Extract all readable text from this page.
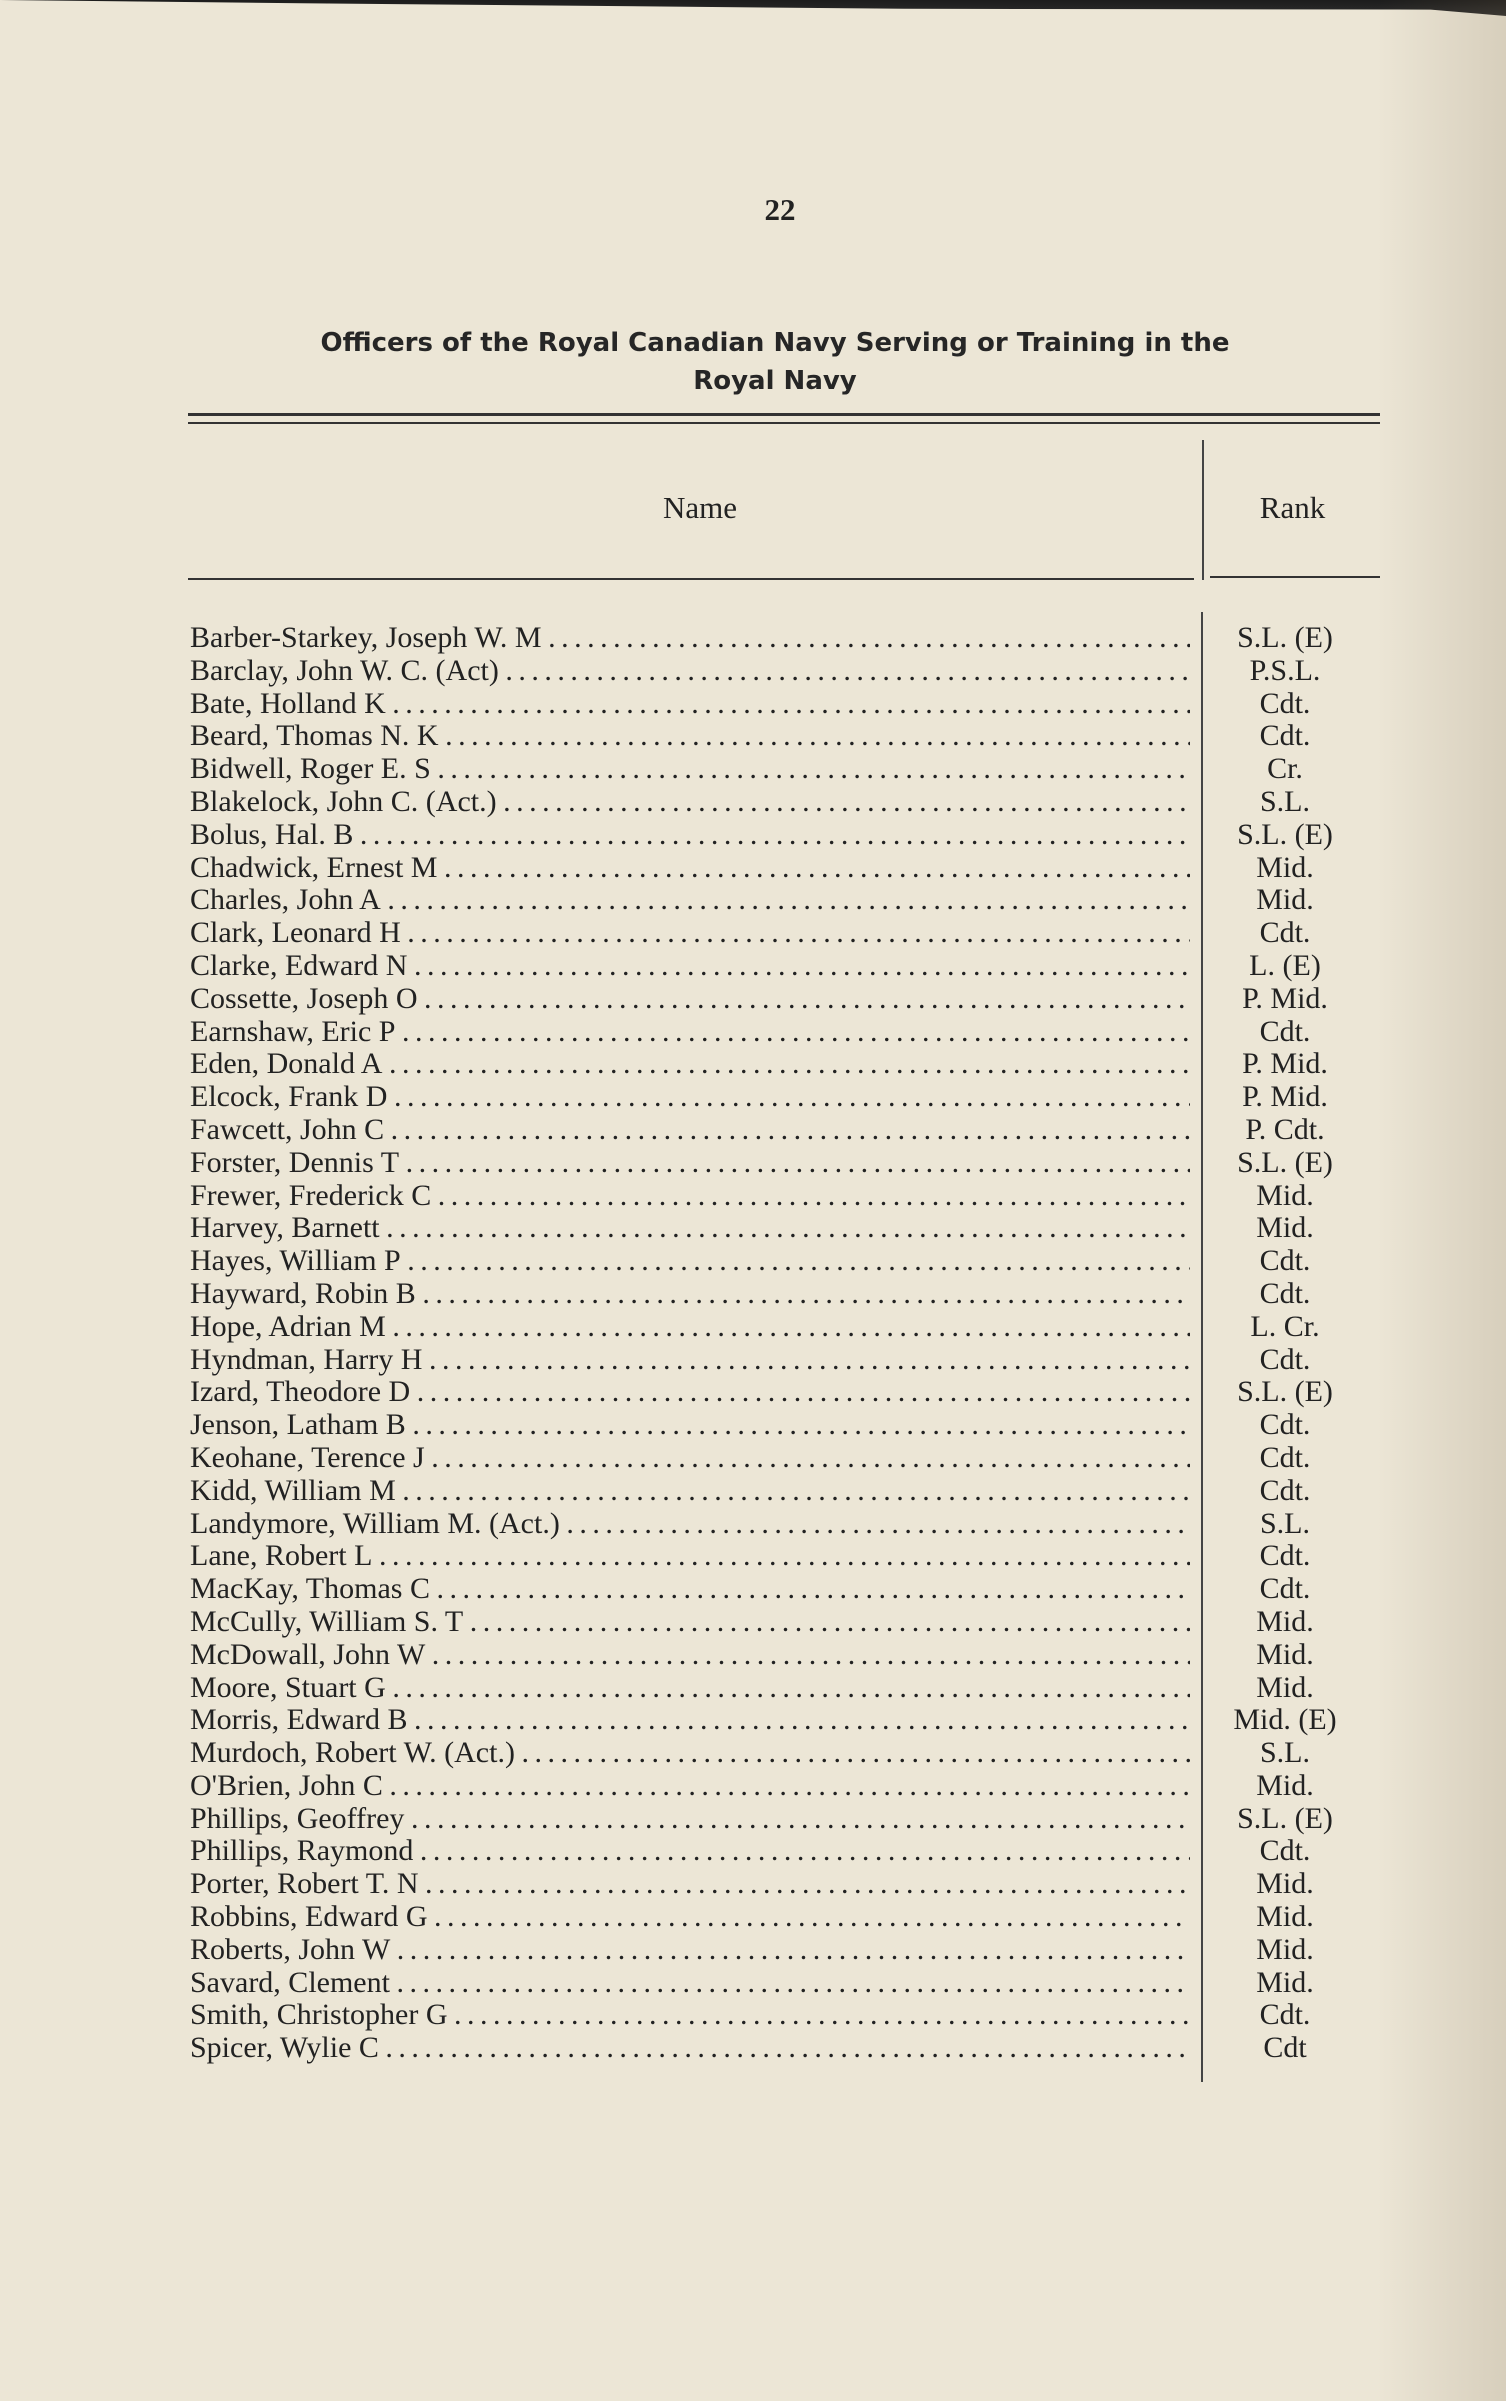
22
Officers of the Royal Canadian Navy Serving or Training in the
Royal Navy
Name	Rank
Barber-Starkey, Joseph W. M . . .	S.L. (E)
Barclay, John W. C. (Act) . . .	P.S.L.
Bate, Holland K . . .	Cdt.
Beard, Thomas N. K . . .	Cdt.
Bidwell, Roger E. S . . .	Cr.
Blakelock, John C. (Act.) . . .	S.L.
Bolus, Hal. B . . .	S.L. (E)
Chadwick, Ernest M . . .	Mid.
Charles, John A . . .	Mid.
Clark, Leonard H . . .	Cdt.
Clarke, Edward N . . .	L. (E)
Cossette, Joseph O . . .	P. Mid.
Earnshaw, Eric P . . .	Cdt.
Eden, Donald A . . .	P. Mid.
Elcock, Frank D . . .	P. Mid.
Fawcett, John C . . .	P. Cdt.
Forster, Dennis T . . .	S.L. (E)
Frewer, Frederick C . . .	Mid.
Harvey, Barnett . . .	Mid.
Hayes, William P . . .	Cdt.
Hayward, Robin B . . .	Cdt.
Hope, Adrian M . . .	L. Cr.
Hyndman, Harry H . . .	Cdt.
Izard, Theodore D . . .	S.L. (E)
Jenson, Latham B . . .	Cdt.
Keohane, Terence J . . .	Cdt.
Kidd, William M . . .	Cdt.
Landymore, William M. (Act.) . . .	S.L.
Lane, Robert L . . .	Cdt.
MacKay, Thomas C . . .	Cdt.
McCully, William S. T . . .	Mid.
McDowall, John W . . .	Mid.
Moore, Stuart G . . .	Mid.
Morris, Edward B . . .	Mid. (E)
Murdoch, Robert W. (Act.) . . .	S.L.
O'Brien, John C . . .	Mid.
Phillips, Geoffrey . . .	S.L. (E)
Phillips, Raymond . . .	Cdt.
Porter, Robert T. N . . .	Mid.
Robbins, Edward G . . .	Mid.
Roberts, John W . . .	Mid.
Savard, Clement . . .	Mid.
Smith, Christopher G . . .	Cdt.
Spicer, Wylie C . . .	Cdt
